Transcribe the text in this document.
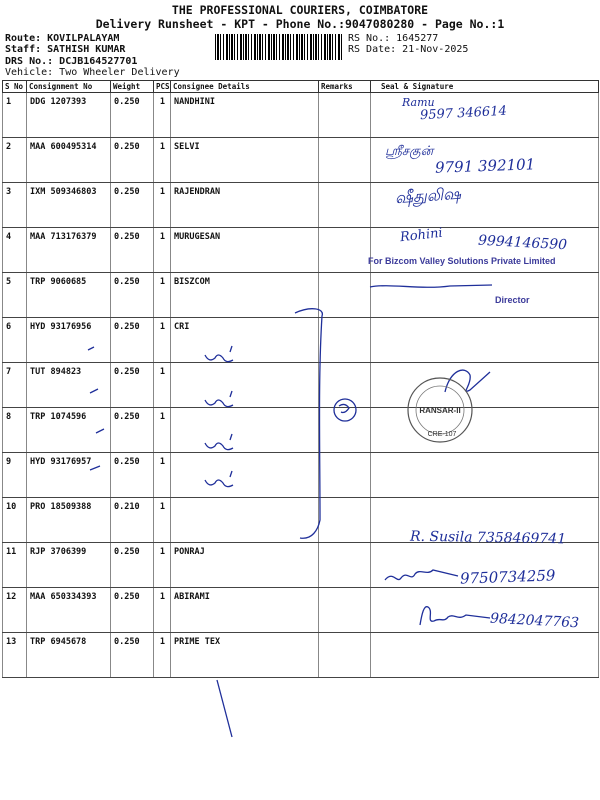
THE PROFESSIONAL COURIERS, COIMBATORE
Delivery Runsheet - KPT - Phone No.:9047080280 - Page No.:1
Route: KOVILPALAYAM
Staff: SATHISH KUMAR
DRS No.: DCJB164527701
Vehicle: Two Wheeler Delivery
RS No.: 1645277
RS Date: 21-Nov-2025
S No	Consignment No	Weight	PCS	Consignee Details	Remarks	Seal & Signature
1	DDG 1207393	0.250	1	NANDHINI		
2	MAA 600495314	0.250	1	SELVI		
3	IXM 509346803	0.250	1	RAJENDRAN		
4	MAA 713176379	0.250	1	MURUGESAN		
5	TRP 9060685	0.250	1	BISZCOM		
6	HYD 93176956	0.250	1	CRI		
7	TUT 894823	0.250	1			
8	TRP 1074596	0.250	1			
9	HYD 93176957	0.250	1			
10	PRO 18509388	0.210	1			
11	RJP 3706399	0.250	1	PONRAJ		
12	MAA 650334393	0.250	1	ABIRAMI		
13	TRP 6945678	0.250	1	PRIME TEX		
Ramu
9597 346614
ஶ்ரீசகுன்
9791 392101
ஷீதுலிஷ
Rohini 9994146590
For Bizcom Valley Solutions Private Limited
Director
R. Susila 7358469741
9750734259
9842047763
RANSAR-II
CRE-107
